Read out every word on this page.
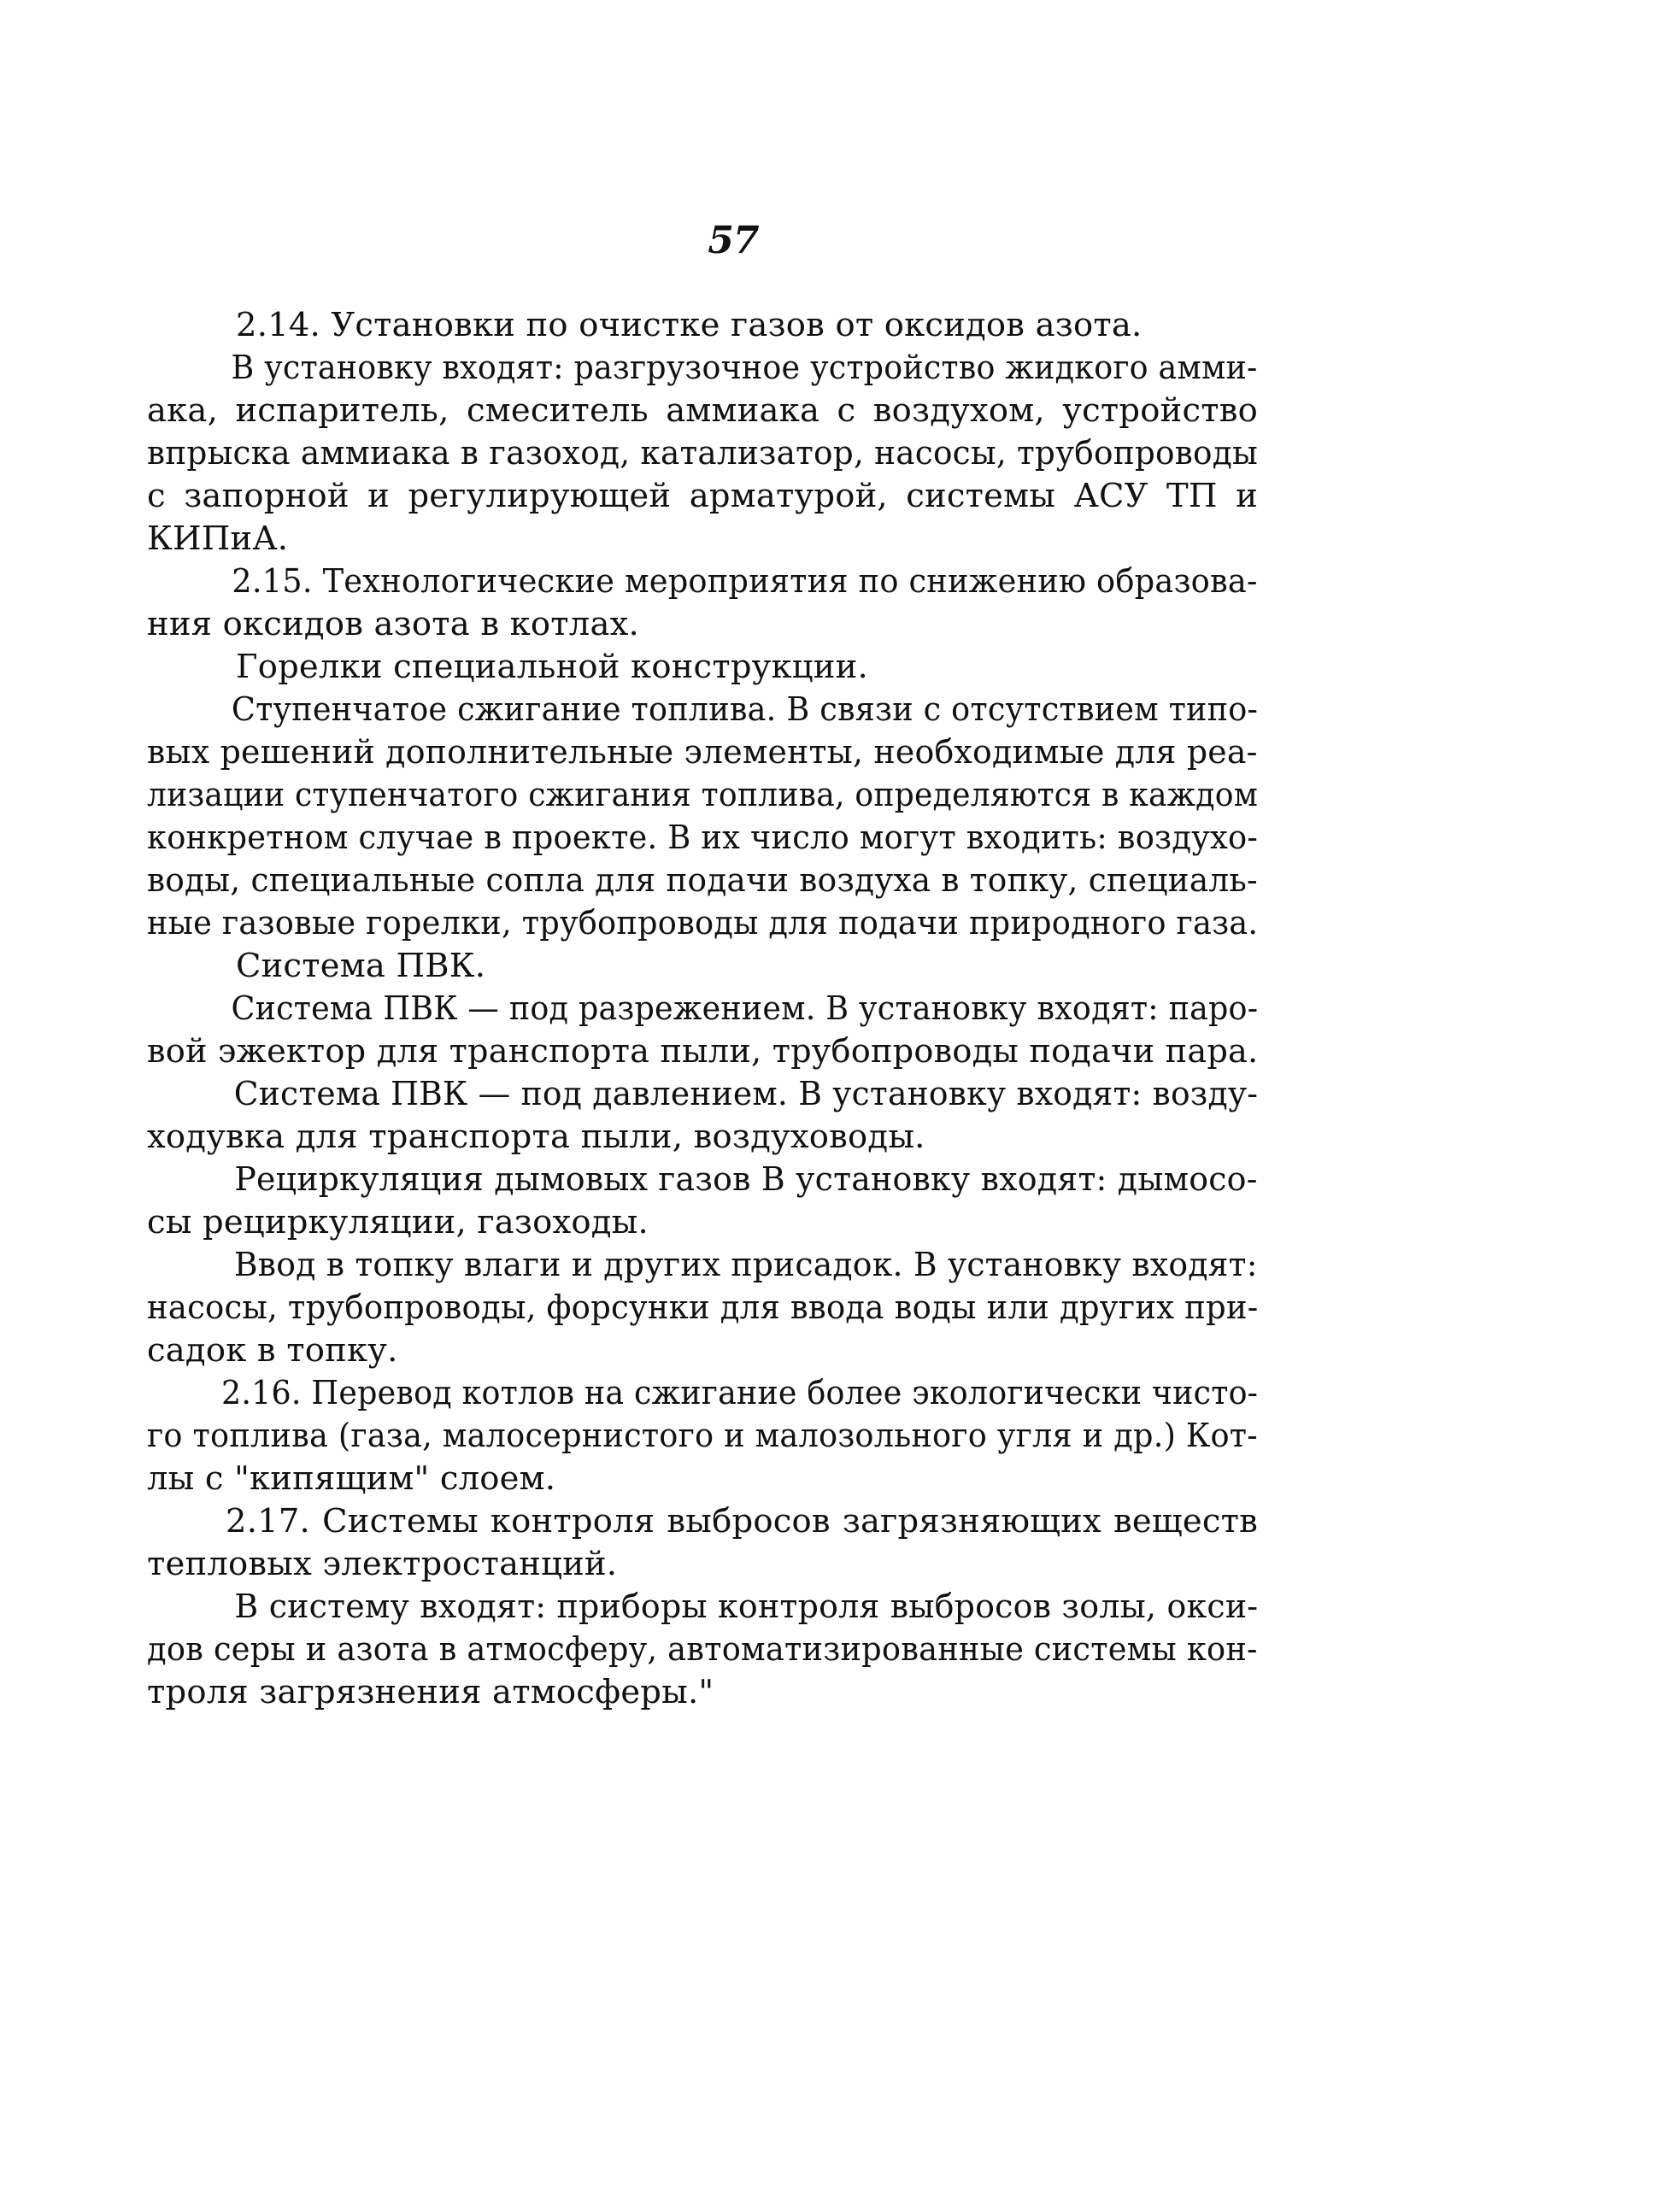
57
2.14. Установки по очистке газов от оксидов азота.
В установку входят: разгрузочное устройство жидкого амми-
ака, испаритель, смеситель аммиака с воздухом, устройство
впрыска аммиака в газоход, катализатор, насосы, трубопроводы
с запорной и регулирующей арматурой, системы АСУ ТП и
КИПиА.
2.15. Технологические мероприятия по снижению образова-
ния оксидов азота в котлах.
Горелки специальной конструкции.
Ступенчатое сжигание топлива. В связи с отсутствием типо-
вых решений дополнительные элементы, необходимые для реа-
лизации ступенчатого сжигания топлива, определяются в каждом
конкретном случае в проекте. В их число могут входить: воздухо-
воды, специальные сопла для подачи воздуха в топку, специаль-
ные газовые горелки, трубопроводы для подачи природного газа.
Система ПВК.
Система ПВК — под разрежением. В установку входят: паро-
вой эжектор для транспорта пыли, трубопроводы подачи пара.
Система ПВК — под давлением. В установку входят: возду-
ходувка для транспорта пыли, воздуховоды.
Рециркуляция дымовых газов В установку входят: дымосо-
сы рециркуляции, газоходы.
Ввод в топку влаги и других присадок. В установку входят:
насосы, трубопроводы, форсунки для ввода воды или других при-
садок в топку.
2.16. Перевод котлов на сжигание более экологически чисто-
го топлива (газа, малосернистого и малозольного угля и др.) Кот-
лы с "кипящим" слоем.
2.17. Системы контроля выбросов загрязняющих веществ
тепловых электростанций.
В систему входят: приборы контроля выбросов золы, окси-
дов серы и азота в атмосферу, автоматизированные системы кон-
троля загрязнения атмосферы."
